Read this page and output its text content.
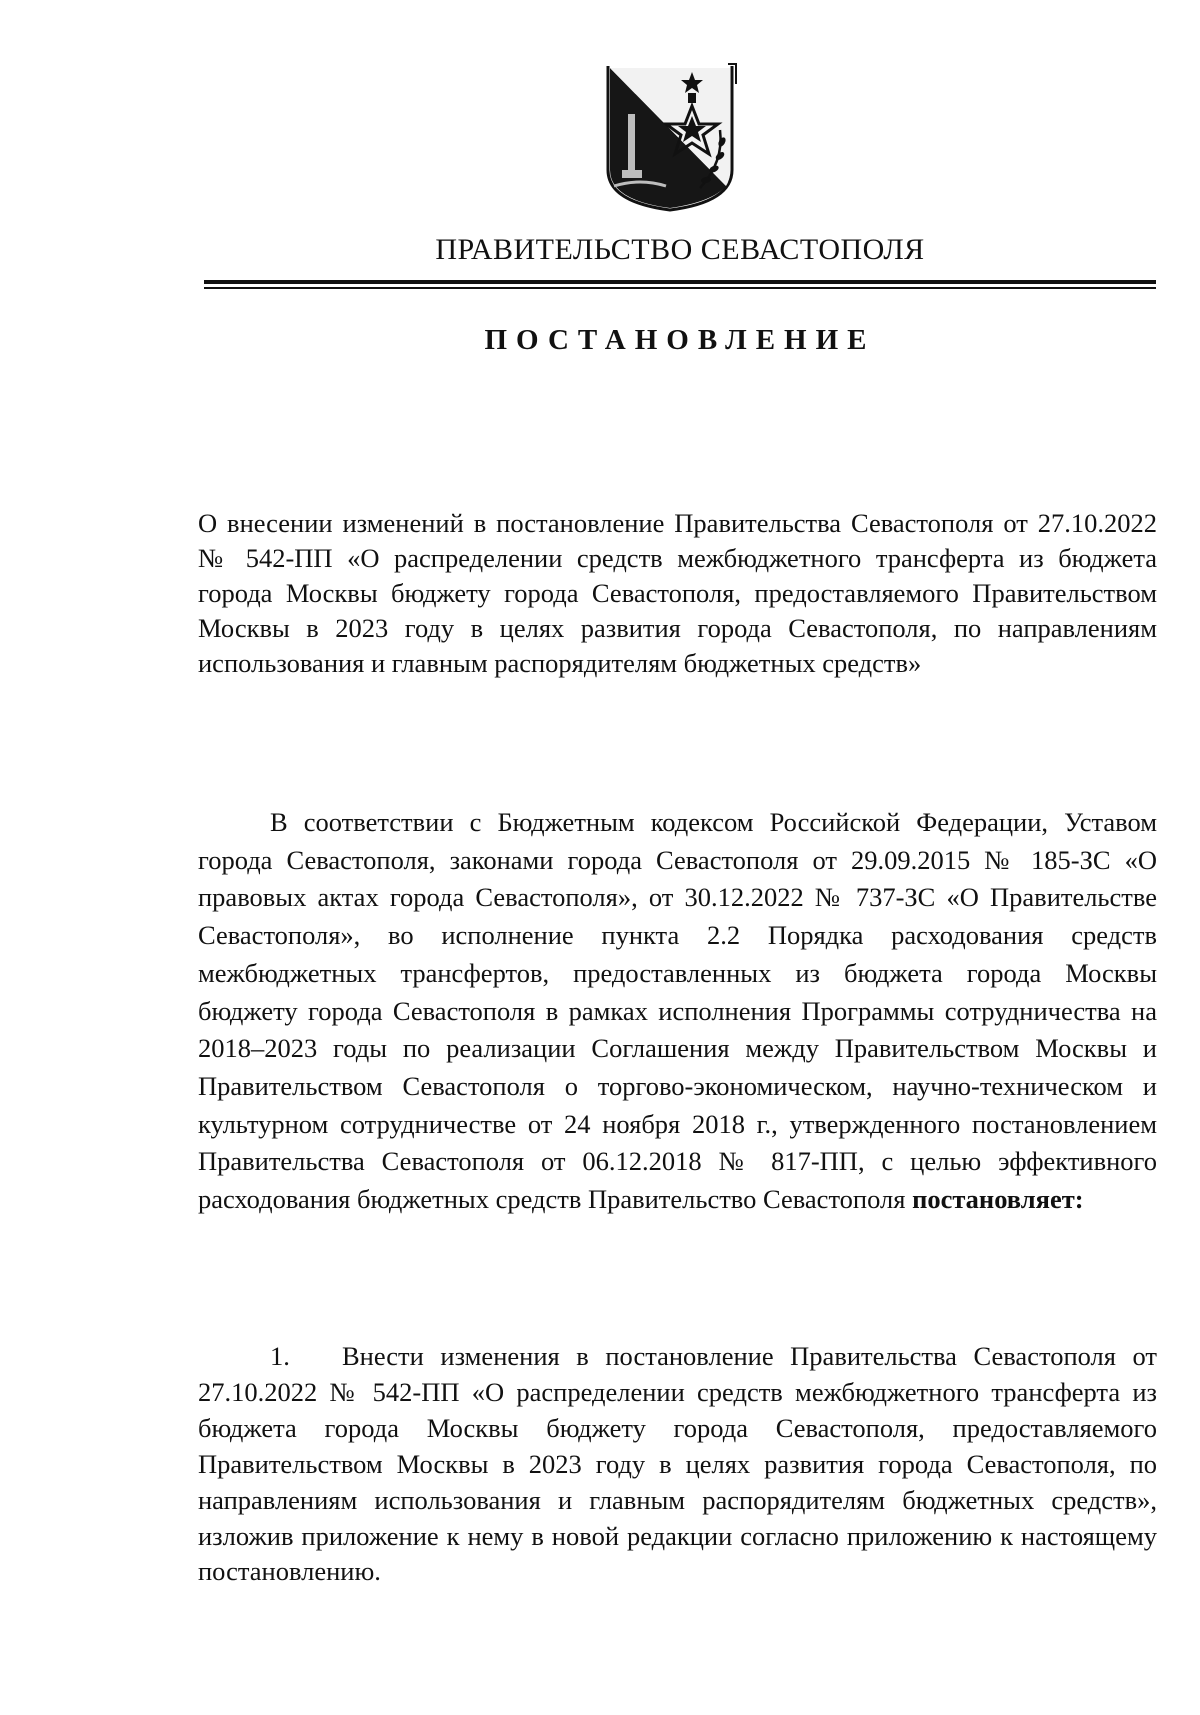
ПРАВИТЕЛЬСТВО СЕВАСТОПОЛЯ
ПОСТАНОВЛЕНИЕ

О внесении изменений в постановление Правительства Севастополя от 27.10.2022 № 542-ПП «О распределении средств межбюджетного трансферта из бюджета города Москвы бюджету города Севастополя, предоставляемого Правительством Москвы в 2023 году в целях развития города Севастополя, по направлениям использования и главным распорядителям бюджетных средств»

В соответствии с Бюджетным кодексом Российской Федерации, Уставом города Севастополя, законами города Севастополя от 29.09.2015 № 185-ЗС «О правовых актах города Севастополя», от 30.12.2022 № 737-ЗС «О Правительстве Севастополя», во исполнение пункта 2.2 Порядка расходования средств межбюджетных трансфертов, предоставленных из бюджета города Москвы бюджету города Севастополя в рамках исполнения Программы сотрудничества на 2018–2023 годы по реализации Соглашения между Правительством Москвы и Правительством Севастополя о торгово-экономическом, научно-техническом и культурном сотрудничестве от 24 ноября 2018 г., утвержденного постановлением Правительства Севастополя от 06.12.2018 № 817-ПП, с целью эффективного расходования бюджетных средств Правительство Севастополя постановляет:

1. Внести изменения в постановление Правительства Севастополя от 27.10.2022 № 542-ПП «О распределении средств межбюджетного трансферта из бюджета города Москвы бюджету города Севастополя, предоставляемого Правительством Москвы в 2023 году в целях развития города Севастополя, по направлениям использования и главным распорядителям бюджетных средств», изложив приложение к нему в новой редакции согласно приложению к настоящему постановлению.
